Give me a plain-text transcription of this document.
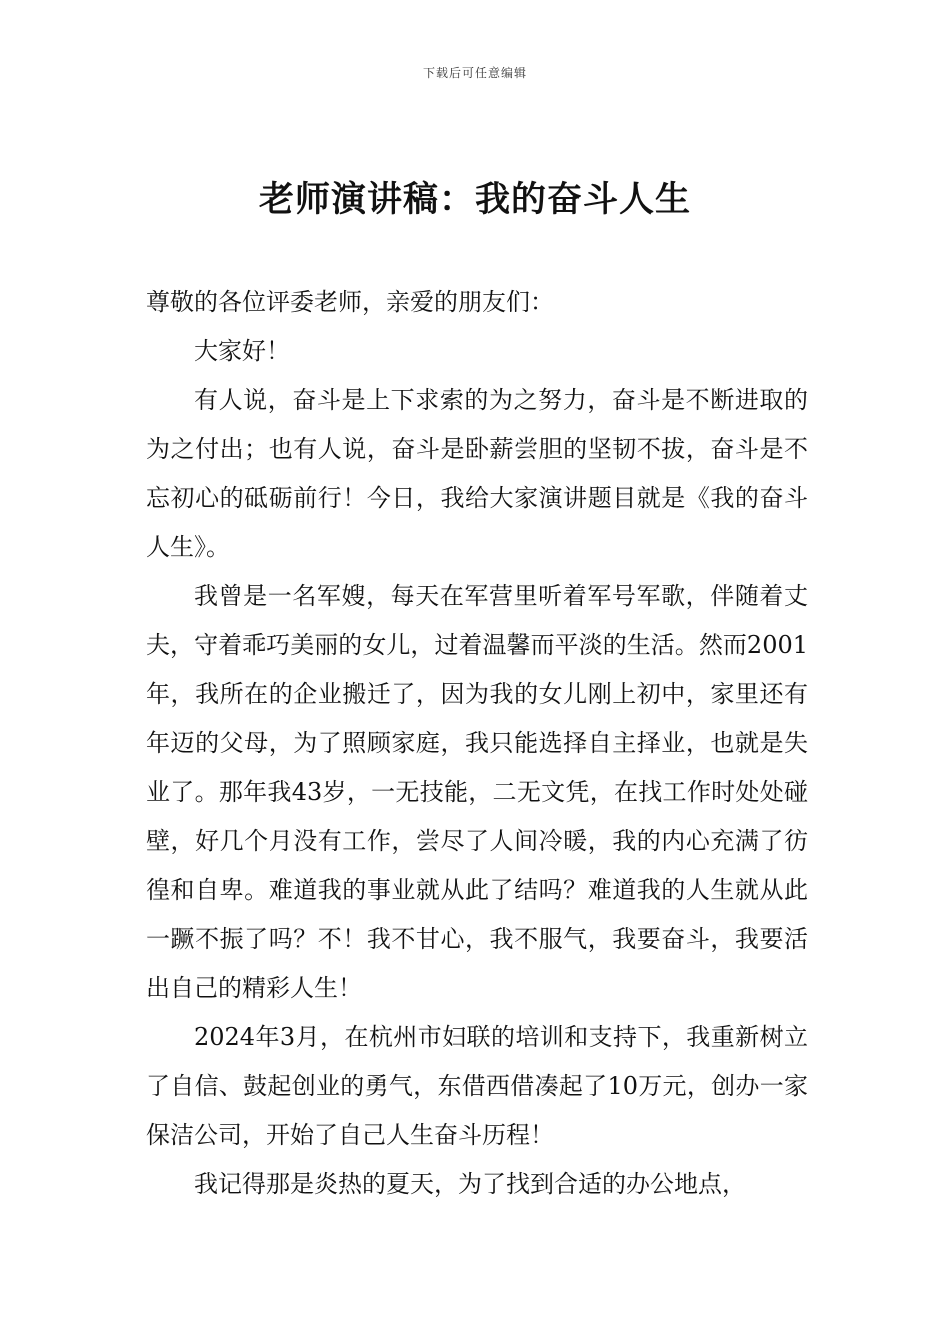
下载后可任意编辑
老师演讲稿：我的奋斗人生

尊敬的各位评委老师，亲爱的朋友们：

大家好！

有人说，奋斗是上下求索的为之努力，奋斗是不断进取的为之付出；也有人说，奋斗是卧薪尝胆的坚韧不拔，奋斗是不忘初心的砥砺前行！今日，我给大家演讲题目就是《我的奋斗人生》。

我曾是一名军嫂，每天在军营里听着军号军歌，伴随着丈夫，守着乖巧美丽的女儿，过着温馨而平淡的生活。然而2001年，我所在的企业搬迁了，因为我的女儿刚上初中，家里还有年迈的父母，为了照顾家庭，我只能选择自主择业，也就是失业了。那年我43岁，一无技能，二无文凭，在找工作时处处碰壁，好几个月没有工作，尝尽了人间冷暖，我的内心充满了彷徨和自卑。难道我的事业就从此了结吗？难道我的人生就从此一蹶不振了吗？不！我不甘心，我不服气，我要奋斗，我要活出自己的精彩人生！

2024年3月，在杭州市妇联的培训和支持下，我重新树立了自信、鼓起创业的勇气，东借西借凑起了10万元，创办一家保洁公司，开始了自己人生奋斗历程！

我记得那是炎热的夏天，为了找到合适的办公地点，
